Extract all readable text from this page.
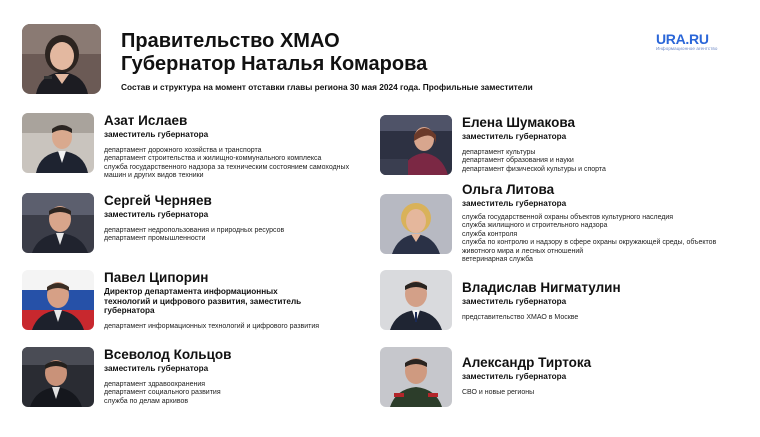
Правительство ХМАО
Губернатор Наталья Комарова
Состав и структура на момент отставки главы региона 30 мая 2024 года. Профильные заместители
URA.RU
Информационное агентство
Азат Ислаев
заместитель губернатора
департамент дорожного хозяйства и транспорта
департамент строительства и жилищно-коммунального комплекса
служба государственного надзора за техническим состоянием самоходных машин и других видов техники
Сергей Черняев
заместитель губернатора
департамент недропользования и природных ресурсов
департамент промышленности
Павел Ципорин
Директор департамента информационных технологий и цифрового развития, заместитель губернатора
департамент информационных технологий и цифрового развития
Всеволод Кольцов
заместитель губернатора
департамент здравоохранения
департамент социального развития
служба по делам архивов
Елена Шумакова
заместитель губернатора
департамент культуры
департамент образования и науки
департамент физической культуры и спорта
Ольга Литова
заместитель губернатора
служба государственной охраны объектов культурного наследия
служба жилищного и строительного надзора
служба контроля
служба по контролю и надзору в сфере охраны окружающей среды, объектов животного мира и лесных отношений
ветеринарная служба
Владислав Нигматулин
заместитель губернатора
представительство ХМАО в Москве
Александр Тиртока
заместитель губернатора
СВО и новые регионы
